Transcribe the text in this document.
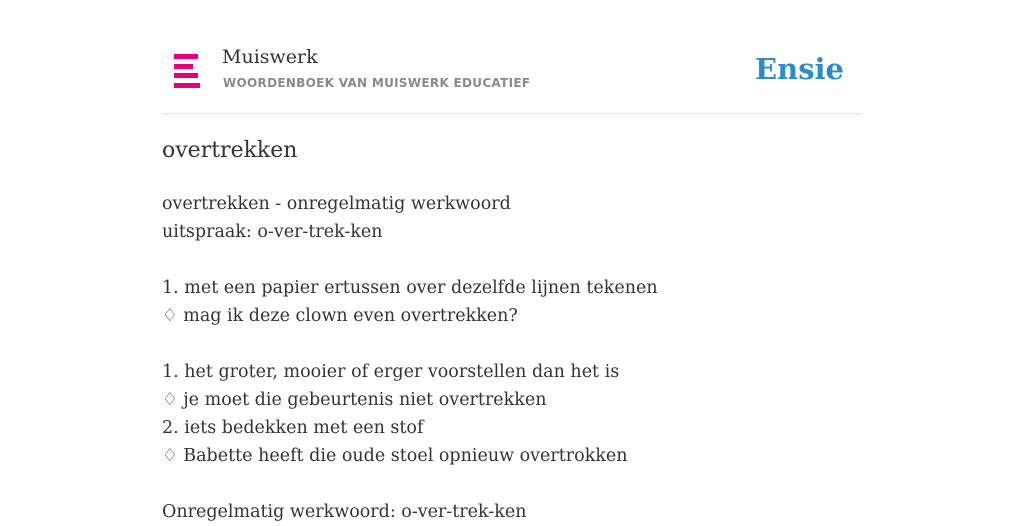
Muiswerk
WOORDENBOEK VAN MUISWERK EDUCATIEF	Ensie
overtrekken
overtrekken - onregelmatig werkwoord
uitspraak: o-ver-trek-ken
1. met een papier ertussen over dezelfde lijnen tekenen
♢ mag ik deze clown even overtrekken?
1. het groter, mooier of erger voorstellen dan het is
♢ je moet die gebeurtenis niet overtrekken
2. iets bedekken met een stof
♢ Babette heeft die oude stoel opnieuw overtrokken
Onregelmatig werkwoord: o-ver-trek-ken
